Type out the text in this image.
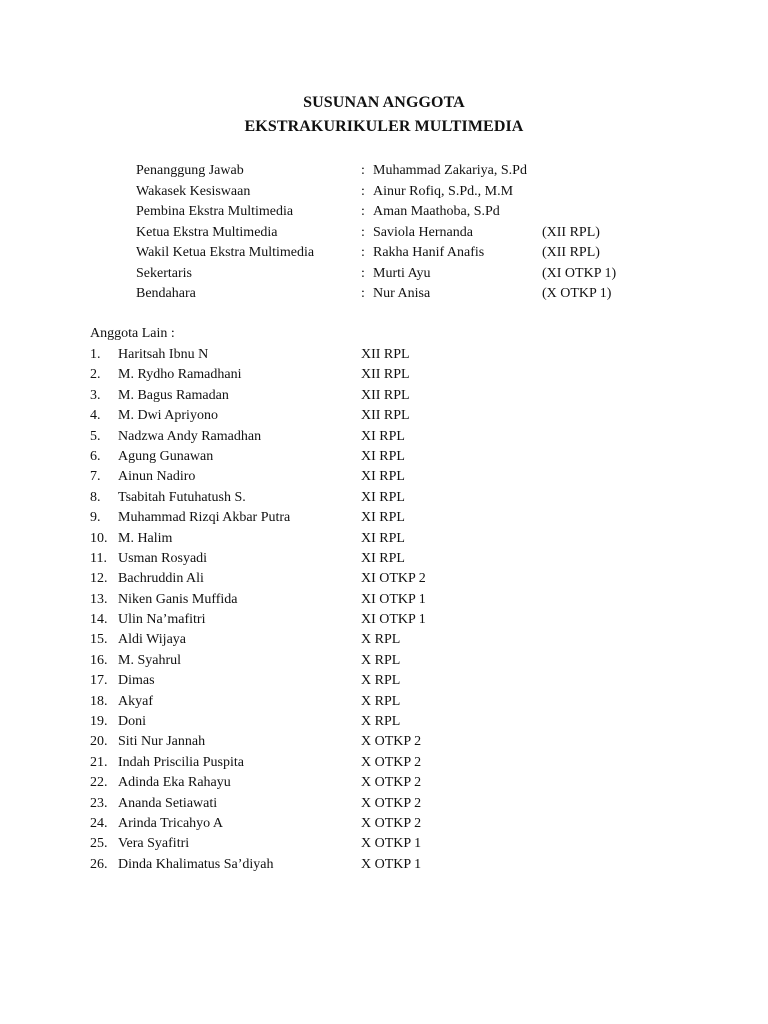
SUSUNAN ANGGOTA
EKSTRAKURIKULER MULTIMEDIA
Penanggung Jawab	: Muhammad Zakariya, S.Pd
Wakasek Kesiswaan	: Ainur Rofiq, S.Pd., M.M
Pembina Ekstra Multimedia	: Aman Maathoba, S.Pd
Ketua Ekstra Multimedia	: Saviola Hernanda	(XII RPL)
Wakil Ketua Ekstra Multimedia	: Rakha Hanif Anafis	(XII RPL)
Sekertaris	: Murti Ayu	(XI OTKP 1)
Bendahara	: Nur Anisa	(X OTKP 1)
Anggota Lain :
1. Haritsah Ibnu N	XII RPL
2. M. Rydho Ramadhani	XII RPL
3. M. Bagus Ramadan	XII RPL
4. M. Dwi Apriyono	XII RPL
5. Nadzwa Andy Ramadhan	XI RPL
6. Agung Gunawan	XI RPL
7. Ainun Nadiro	XI RPL
8. Tsabitah Futuhatush S.	XI RPL
9. Muhammad Rizqi Akbar Putra	XI RPL
10. M. Halim	XI RPL
11. Usman Rosyadi	XI RPL
12. Bachruddin Ali	XI OTKP 2
13. Niken Ganis Muffida	XI OTKP 1
14. Ulin Na’mafitri	XI OTKP 1
15. Aldi Wijaya	X RPL
16. M. Syahrul	X RPL
17. Dimas	X RPL
18. Akyaf	X RPL
19. Doni	X RPL
20. Siti Nur Jannah	X OTKP 2
21. Indah Priscilia Puspita	X OTKP 2
22. Adinda Eka Rahayu	X OTKP 2
23. Ananda Setiawati	X OTKP 2
24. Arinda Tricahyo A	X OTKP 2
25. Vera Syafitri	X OTKP 1
26. Dinda Khalimatus Sa’diyah	X OTKP 1
